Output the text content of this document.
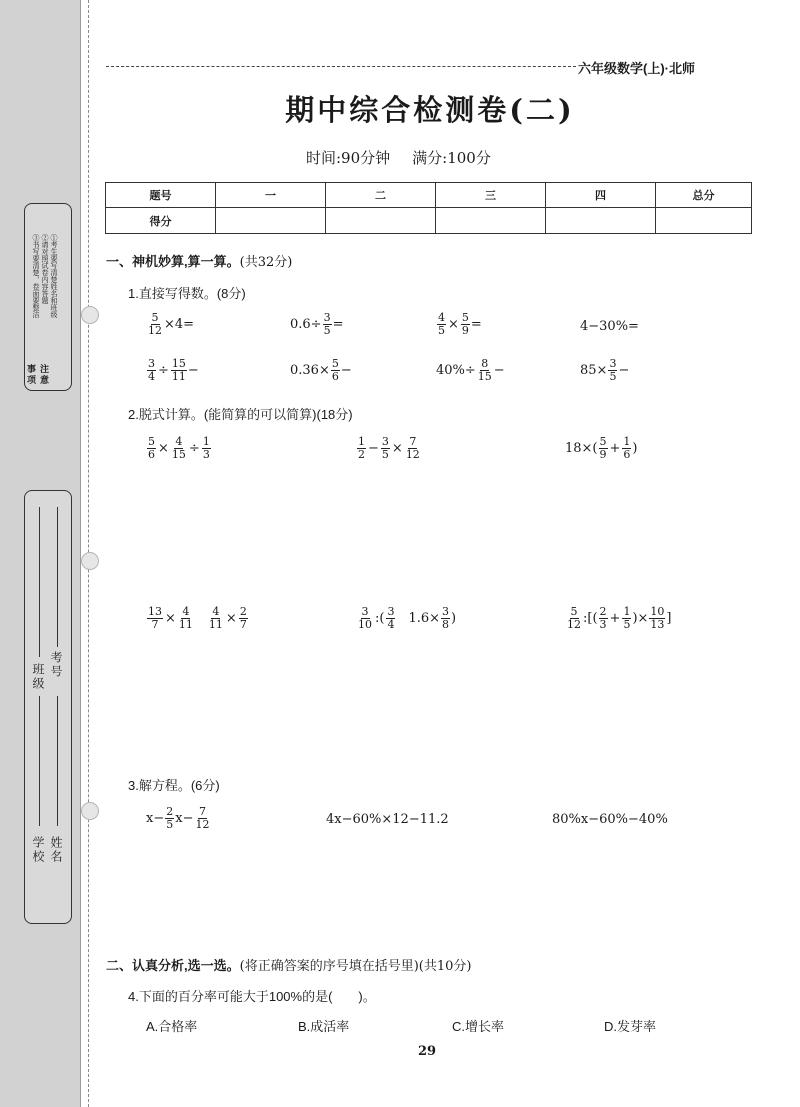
①考生要写清楚姓名和班级
②请对照试卷内容答题
③书写要清楚，卷面要整洁
注意事项
班级 考号
学校 姓名
六年级数学(上)·北师
期中综合检测卷(二)
时间:90分钟 满分:100分
题号	一	二	三	四	总分
得分					
一、神机妙算,算一算。(共32分)
1.直接写得数。(8分)
$\frac{5}{12} \times 4=$	$0.6\div \frac{3}{5}$ =	$\frac{4}{5} \times \frac{5}{9}$ =	4−30%=
$\frac{3}{4} \div \frac{15}{11}$ −	$0.36\times \frac{5}{6}$ −	$40\%\div \frac{8}{15}$ −	$85\times \frac{3}{5}$ −
2.脱式计算。(能简算的可以简算)(18分)
$\frac{5}{6} \times \frac{4}{15} \div \frac{1}{3}$	$\frac{1}{2} - \frac{3}{5} \times \frac{7}{12}$	$18\times( \frac{5}{9} + \frac{1}{6}$ )
$\frac{13}{7} \times \frac{4}{11} \frac{4}{11} \times \frac{2}{7}$	$\frac{3}{10}$ :( $\frac{3}{4} 1.6\times \frac{3}{8}$ )	$\frac{5}{12}$ :[( $\frac{2}{3} + \frac{1}{5}$ )× $\frac{10}{13}$ ]
3.解方程。(6分)
$x- \frac{2}{5} x- \frac{7}{12}$	4x−60%×12−11.2	80%x−60%−40%
二、认真分析,选一选。(将正确答案的序号填在括号里)(共10分)
4.下面的百分率可能大于100%的是(　　)。
A.合格率	B.成活率	C.增长率	D.发芽率
29
